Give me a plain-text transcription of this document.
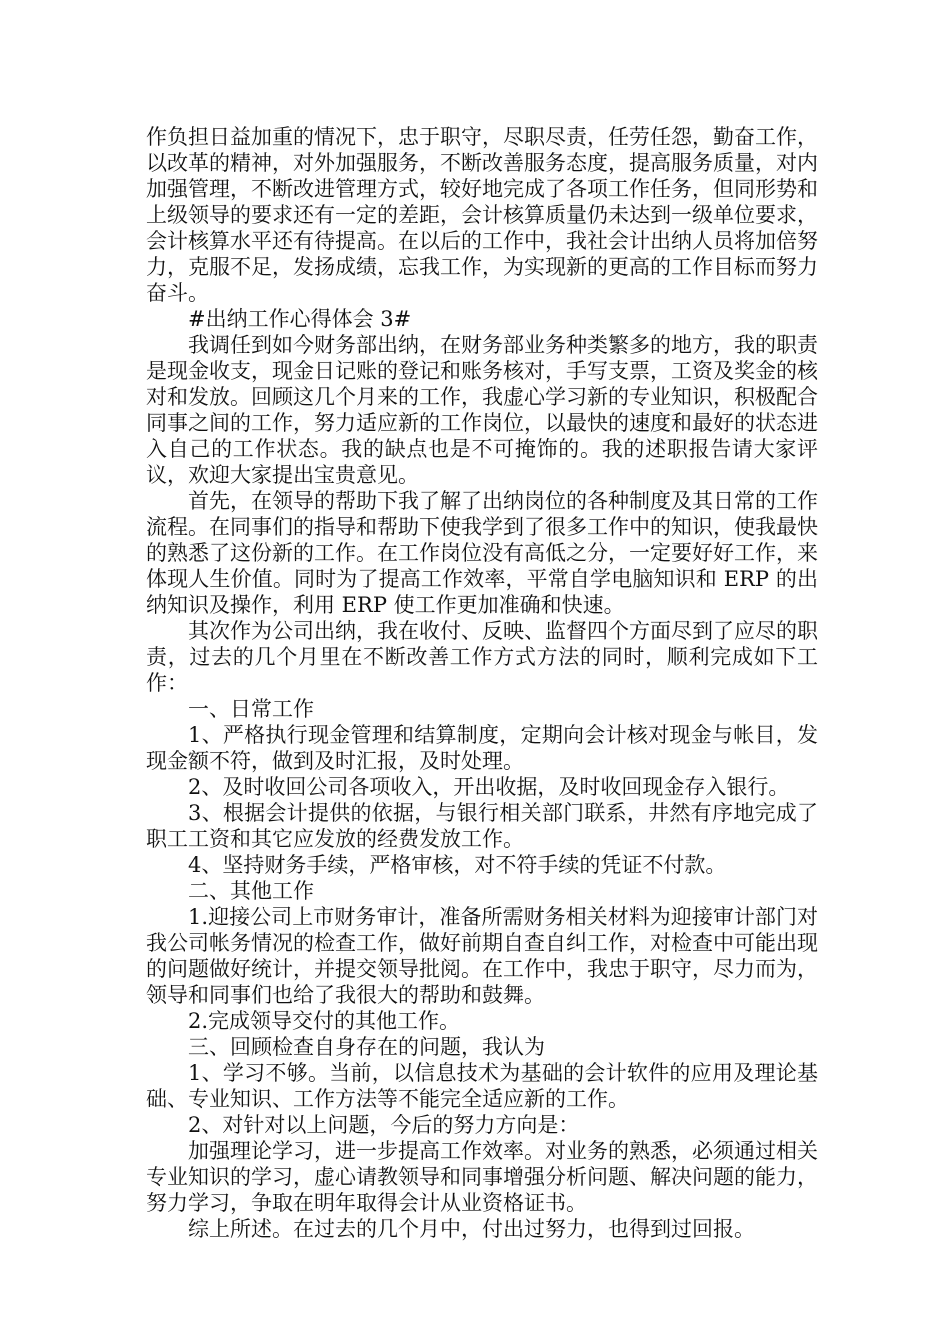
作负担日益加重的情况下，忠于职守，尽职尽责，任劳任怨，勤奋工作，以改革的精神，对外加强服务，不断改善服务态度，提高服务质量，对内加强管理，不断改进管理方式，较好地完成了各项工作任务，但同形势和上级领导的要求还有一定的差距，会计核算质量仍未达到一级单位要求，会计核算水平还有待提高。在以后的工作中，我社会计出纳人员将加倍努力，克服不足，发扬成绩，忘我工作，为实现新的更高的工作目标而努力奋斗。

#出纳工作心得体会 3#

我调任到如今财务部出纳，在财务部业务种类繁多的地方，我的职责是现金收支，现金日记账的登记和账务核对，手写支票，工资及奖金的核对和发放。回顾这几个月来的工作，我虚心学习新的专业知识，积极配合同事之间的工作，努力适应新的工作岗位，以最快的速度和最好的状态进入自己的工作状态。我的缺点也是不可掩饰的。我的述职报告请大家评议，欢迎大家提出宝贵意见。

首先，在领导的帮助下我了解了出纳岗位的各种制度及其日常的工作流程。在同事们的指导和帮助下使我学到了很多工作中的知识，使我最快的熟悉了这份新的工作。在工作岗位没有高低之分，一定要好好工作，来体现人生价值。同时为了提高工作效率，平常自学电脑知识和 ERP 的出纳知识及操作，利用 ERP 使工作更加准确和快速。

其次作为公司出纳，我在收付、反映、监督四个方面尽到了应尽的职责，过去的几个月里在不断改善工作方式方法的同时，顺利完成如下工作：

一、日常工作

1、严格执行现金管理和结算制度，定期向会计核对现金与帐目，发现金额不符，做到及时汇报，及时处理。

2、及时收回公司各项收入，开出收据，及时收回现金存入银行。

3、根据会计提供的依据，与银行相关部门联系，井然有序地完成了职工工资和其它应发放的经费发放工作。

4、坚持财务手续，严格审核，对不符手续的凭证不付款。

二、其他工作

1.迎接公司上市财务审计，准备所需财务相关材料为迎接审计部门对我公司帐务情况的检查工作，做好前期自查自纠工作，对检查中可能出现的问题做好统计，并提交领导批阅。在工作中，我忠于职守，尽力而为，领导和同事们也给了我很大的帮助和鼓舞。

2.完成领导交付的其他工作。

三、回顾检查自身存在的问题，我认为

1、学习不够。当前，以信息技术为基础的会计软件的应用及理论基础、专业知识、工作方法等不能完全适应新的工作。

2、对针对以上问题，今后的努力方向是：

加强理论学习，进一步提高工作效率。对业务的熟悉，必须通过相关专业知识的学习，虚心请教领导和同事增强分析问题、解决问题的能力，努力学习，争取在明年取得会计从业资格证书。

综上所述。在过去的几个月中，付出过努力，也得到过回报。
